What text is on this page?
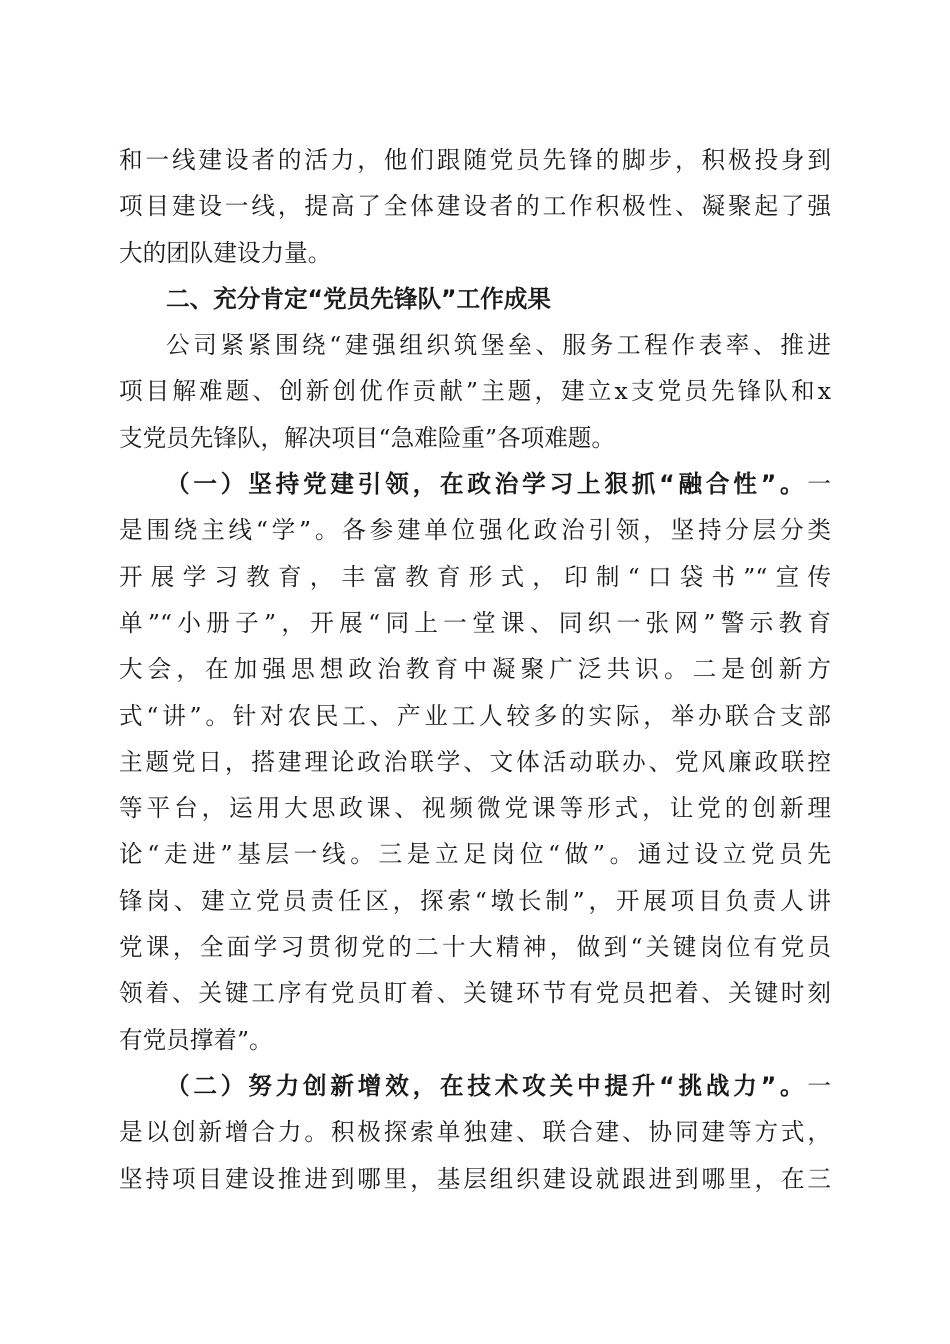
和一线建设者的活力，他们跟随党员先锋的脚步，积极投身到
项目建设一线，提高了全体建设者的工作积极性、凝聚起了强
大的团队建设力量。
二、充分肯定“党员先锋队”工作成果
公司紧紧围绕“建强组织筑堡垒、服务工程作表率、推进
项目解难题、创新创优作贡献”主题，建立x支党员先锋队和x
支党员先锋队，解决项目“急难险重”各项难题。
（一）坚持党建引领，在政治学习上狠抓“融合性”。一
是围绕主线“学”。各参建单位强化政治引领，坚持分层分类
开展学习教育，丰富教育形式，印制“口袋书”“宣传
单”“小册子”，开展“同上一堂课、同织一张网”警示教育
大会，在加强思想政治教育中凝聚广泛共识。二是创新方
式“讲”。针对农民工、产业工人较多的实际，举办联合支部
主题党日，搭建理论政治联学、文体活动联办、党风廉政联控
等平台，运用大思政课、视频微党课等形式，让党的创新理
论“走进”基层一线。三是立足岗位“做”。通过设立党员先
锋岗、建立党员责任区，探索“墩长制”，开展项目负责人讲
党课，全面学习贯彻党的二十大精神，做到“关键岗位有党员
领着、关键工序有党员盯着、关键环节有党员把着、关键时刻
有党员撑着”。
（二）努力创新增效，在技术攻关中提升“挑战力”。一
是以创新增合力。积极探索单独建、联合建、协同建等方式，
坚持项目建设推进到哪里，基层组织建设就跟进到哪里，在三
